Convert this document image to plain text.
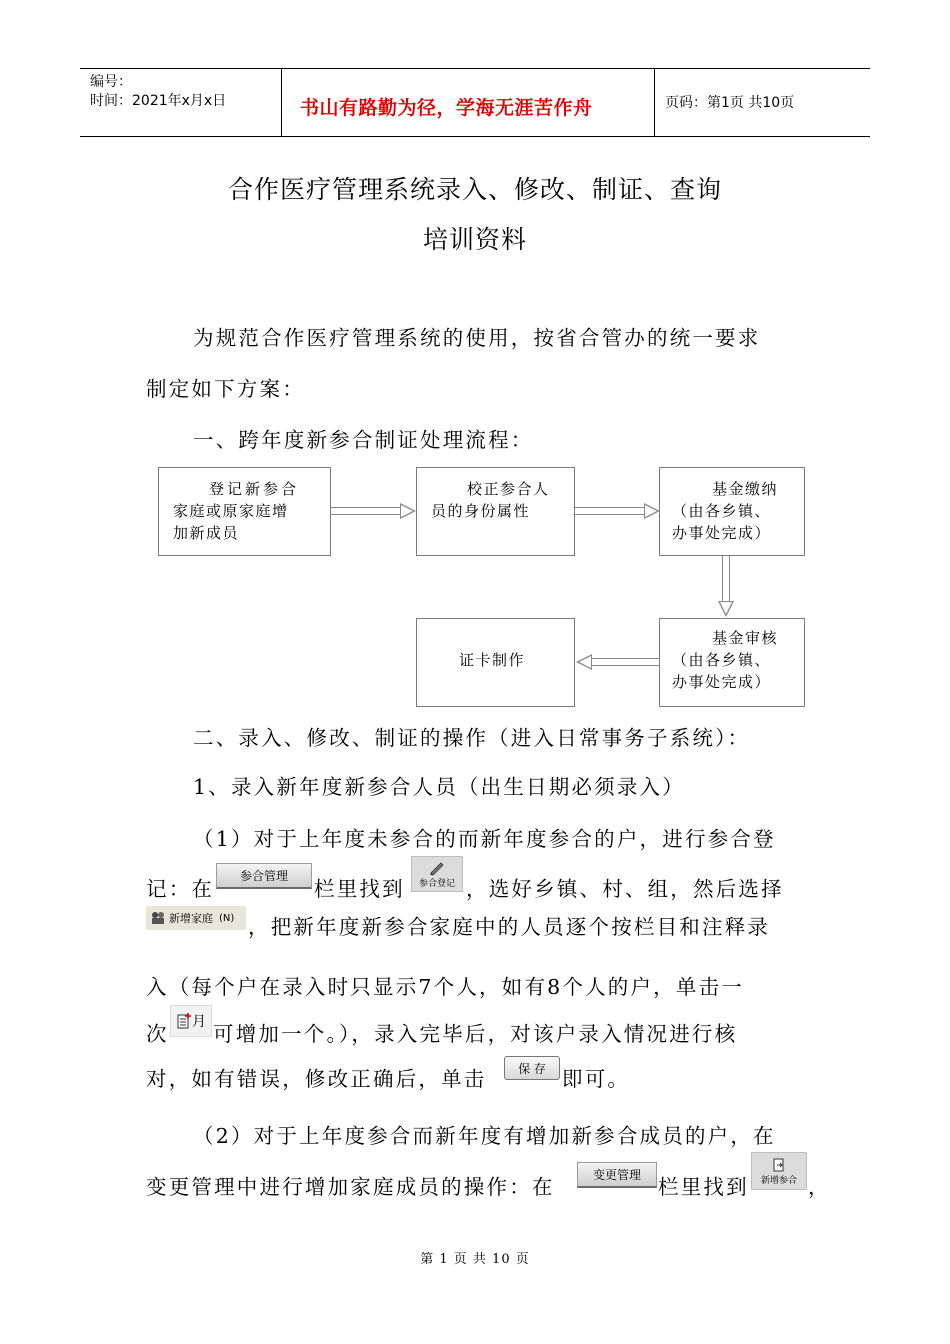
编号：
时间：2021年x月x日	书山有路勤为径，学海无涯苦作舟	页码：第1页 共10页
合作医疗管理系统录入、修改、制证、查询
培训资料
为规范合作医疗管理系统的使用，按省合管办的统一要求
制定如下方案：
一、跨年度新参合制证处理流程：
登记新参合
家庭或原家庭增
加新成员
校正参合人
员的身份属性
基金缴纳
（由各乡镇、
办事处完成）
基金审核
（由各乡镇、
办事处完成）
证卡制作
二、录入、修改、制证的操作（进入日常事务子系统）：
1、录入新年度新参合人员（出生日期必须录入）
（1）对于上年度未参合的而新年度参合的户，进行参合登
记：在
参合管理
栏里找到 参合登记 ，选好乡镇、村、组，然后选择
新增家庭 (N) ，把新年度新参合家庭中的人员逐个按栏目和注释录
入（每个户在录入时只显示7个人，如有8个人的户，单击一
次 月 可增加一个。），录入完毕后，对该户录入情况进行核
对，如有错误，修改正确后，单击	保 存 即可。
（2）对于上年度参合而新年度有增加新参合成员的户，在
变更管理中进行增加家庭成员的操作：在	变更管理 栏里找到 新增参合 ，
第 1 页 共 10 页
